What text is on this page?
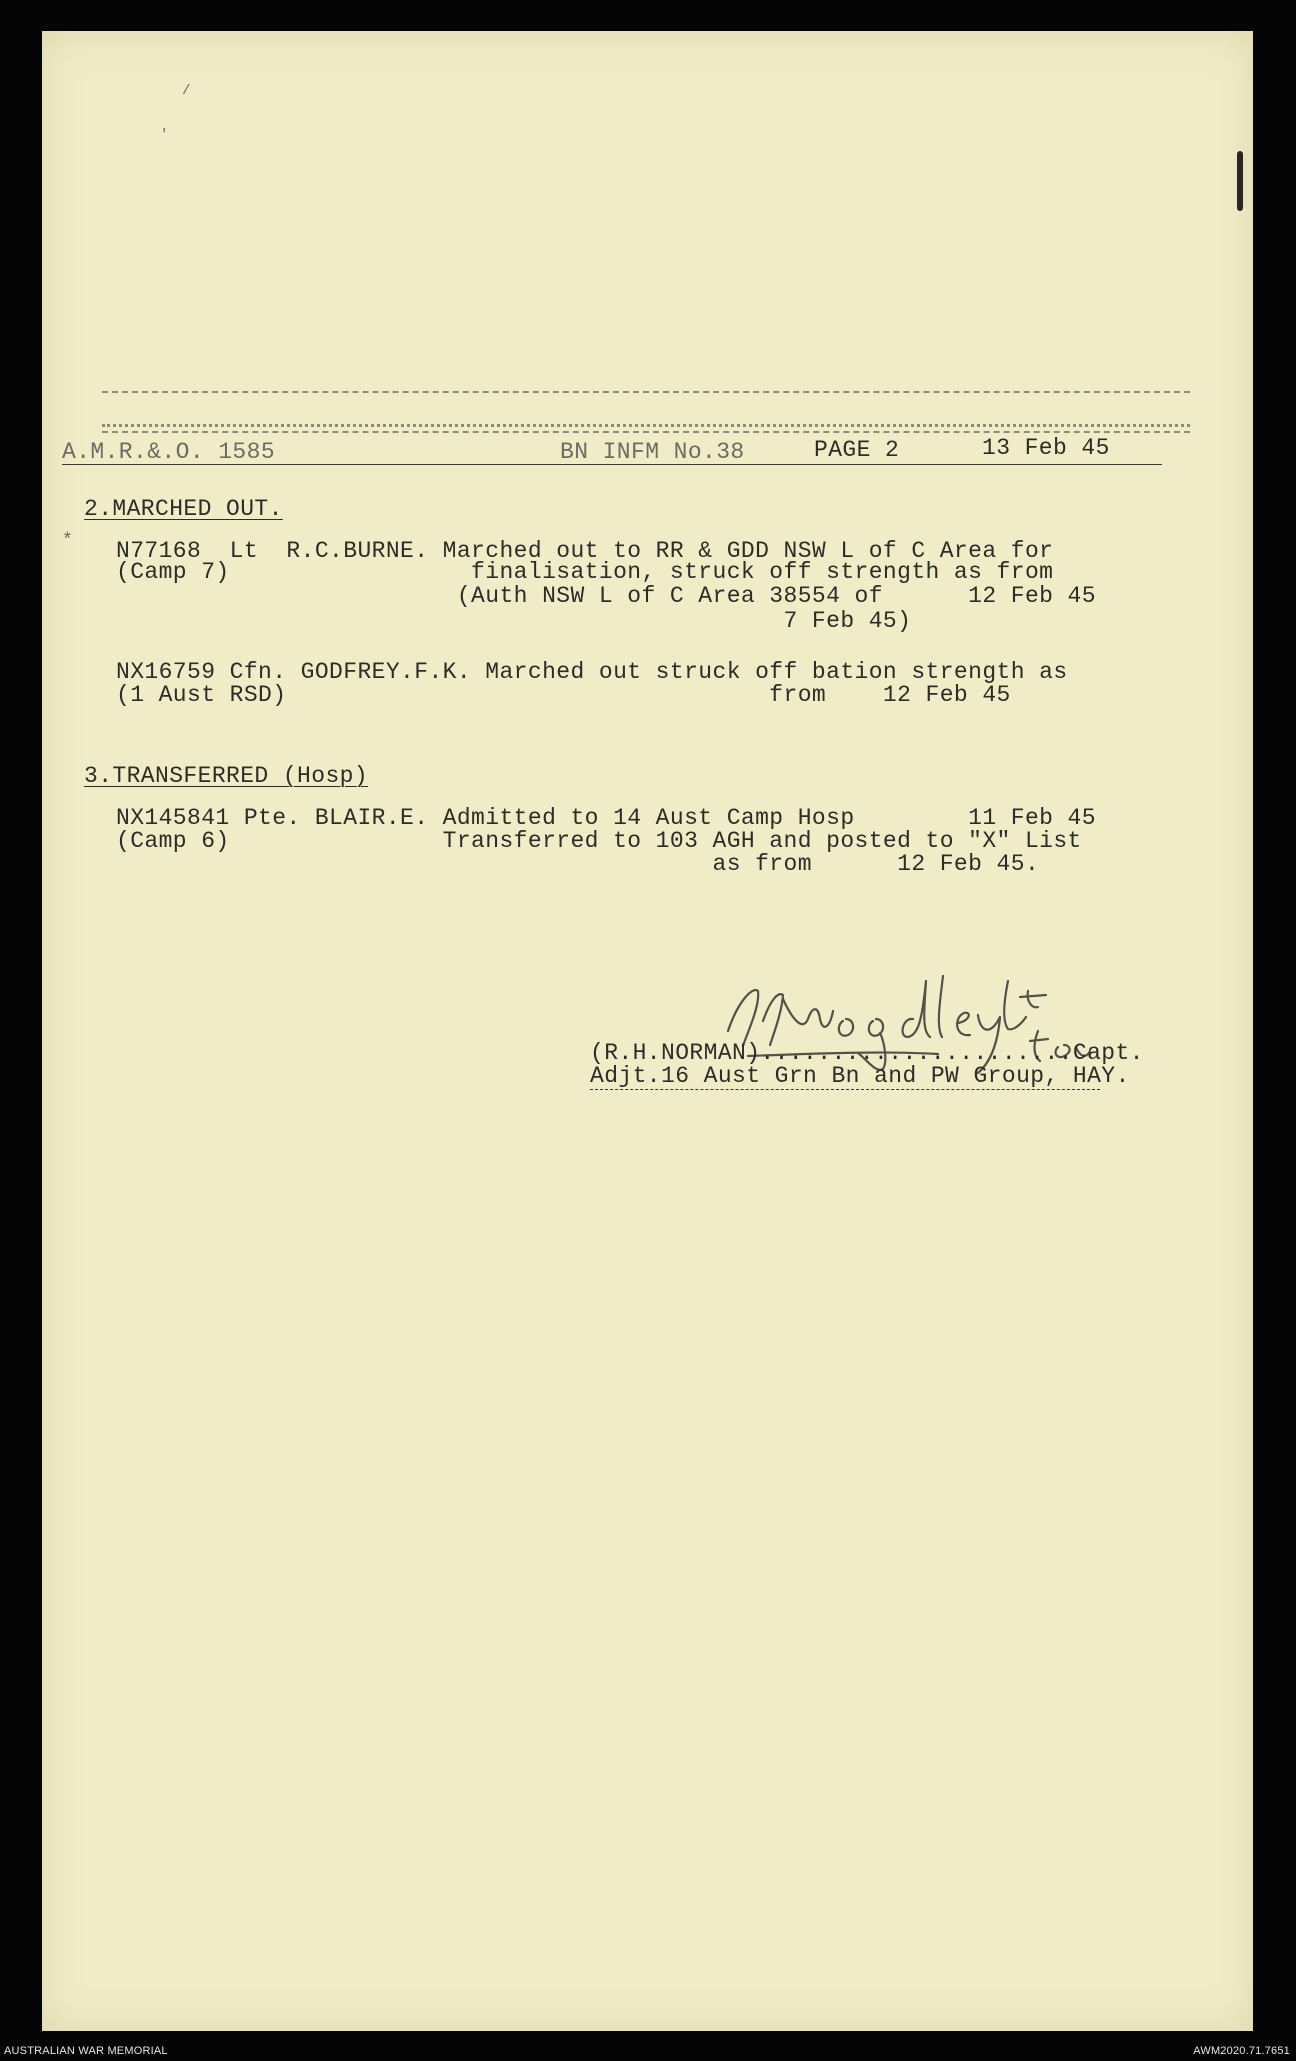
/
'
*
A.M.R.&.O. 1585	BN INFM No.38	PAGE 2	13 Feb 45
2.MARCHED OUT.
N77168  Lt  R.C.BURNE. Marched out to RR & GDD NSW L of C Area for
(Camp 7)                 finalisation, struck off strength as from
(Auth NSW L of C Area 38554 of      12 Feb 45
7 Feb 45)
NX16759 Cfn. GODFREY.F.K. Marched out struck off bation strength as
(1 Aust RSD)                                  from    12 Feb 45
3.TRANSFERRED (Hosp)
NX145841 Pte. BLAIR.E. Admitted to 14 Aust Camp Hosp        11 Feb 45
(Camp 6)               Transferred to 103 AGH and posted to "X" List
as from      12 Feb 45.
(R.H.NORMAN)......................Capt.
Adjt.16 Aust Grn Bn and PW Group, HAY.
AUSTRALIAN WAR MEMORIAL	AWM2020.71.7651
